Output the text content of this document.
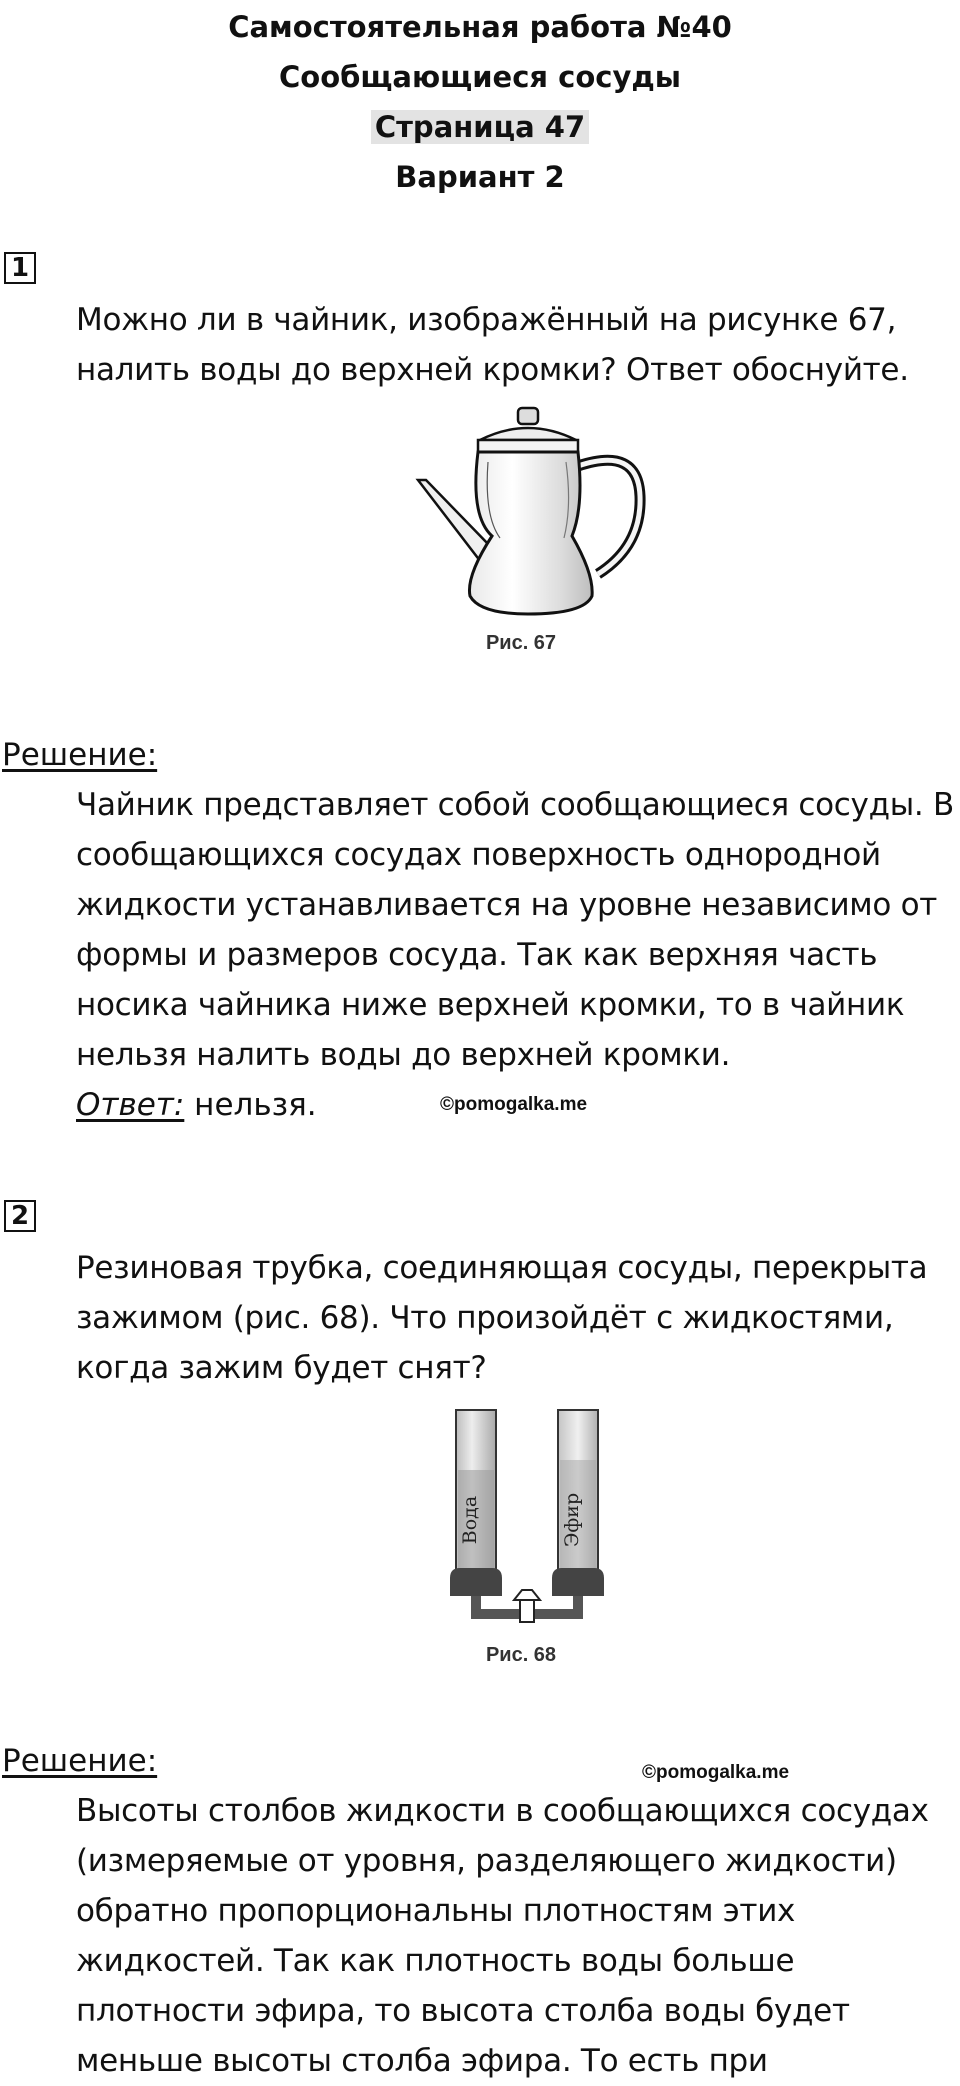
Самостоятельная работа №40
Сообщающиеся сосуды
Страница 47
Вариант 2
1
Можно ли в чайник, изображённый на рисунке 67, налить воды до верхней кромки? Ответ обоснуйте.
Рис. 67
Решение:
Чайник представляет собой сообщающиеся сосуды. В сообщающихся сосудах поверхность однородной жидкости устанавливается на уровне независимо от формы и размеров сосуда. Так как верхняя часть носика чайника ниже верхней кромки, то в чайник нельзя налить воды до верхней кромки.
Ответ: нельзя.	©pomogalka.me
2
Резиновая трубка, соединяющая сосуды, перекрыта зажимом (рис. 68). Что произойдёт с жидкостями, когда зажим будет снят?
Вода	Эфир
Рис. 68
Решение:	©pomogalka.me
Высоты столбов жидкости в сообщающихся сосудах (измеряемые от уровня, разделяющего жидкости) обратно пропорциональны плотностям этих жидкостей. Так как плотность воды больше плотности эфира, то высота столба воды будет меньше высоты столба эфира. То есть при
